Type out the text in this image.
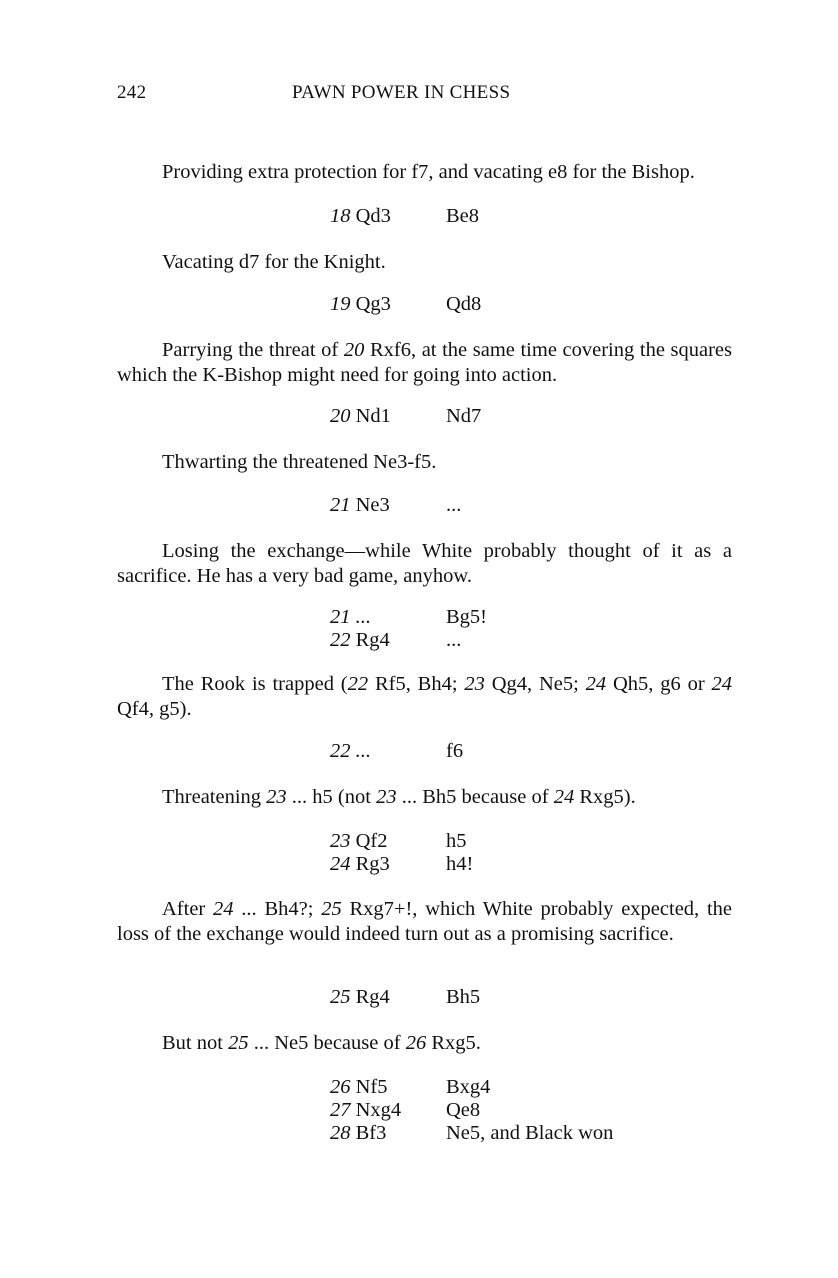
242	PAWN POWER IN CHESS
Providing extra protection for f7, and vacating e8 for the Bishop.
18 Qd3	Be8
Vacating d7 for the Knight.
19 Qg3	Qd8
Parrying the threat of 20 Rxf6, at the same time covering the squares which the K-Bishop might need for going into action.
20 Nd1	Nd7
Thwarting the threatened Ne3-f5.
21 Ne3	...
Losing the exchange—while White probably thought of it as a sacrifice. He has a very bad game, anyhow.
21 ...	Bg5!
22 Rg4	...
The Rook is trapped (22 Rf5, Bh4; 23 Qg4, Ne5; 24 Qh5, g6 or 24 Qf4, g5).
22 ...	f6
Threatening 23 ... h5 (not 23 ... Bh5 because of 24 Rxg5).
23 Qf2	h5
24 Rg3	h4!
After 24 ... Bh4?; 25 Rxg7+!, which White probably expected, the loss of the exchange would indeed turn out as a promising sacrifice.
25 Rg4	Bh5
But not 25 ... Ne5 because of 26 Rxg5.
26 Nf5	Bxg4
27 Nxg4 Qe8
28 Bf3	Ne5, and Black won
